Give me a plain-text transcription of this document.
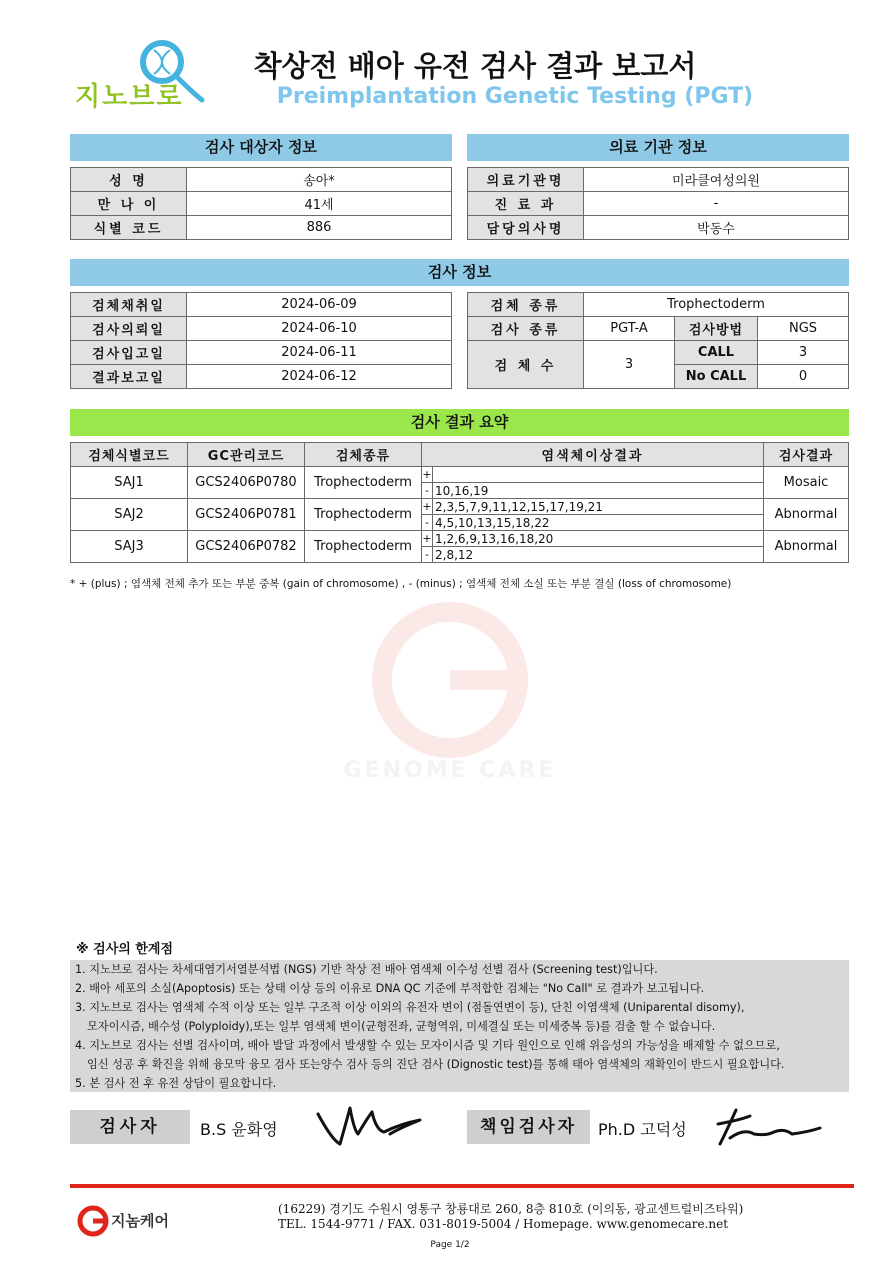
지노브로
착상전 배아 유전 검사 결과 보고서
Preimplantation Genetic Testing (PGT)
GENOME CARE
검사 대상자 정보	의료 기관 정보
성 명	송아*
만 나 이	41세
식별 코드	886
의료기관명	미라클여성의원
진 료 과	-
담당의사명	박동수
검사 정보
검체채취일	2024-06-09
검사의뢰일	2024-06-10
검사입고일	2024-06-11
결과보고일	2024-06-12
검체 종류	Trophectoderm		
검사 종류	PGT-A	검사방법	NGS
검 체 수	3	CALL	3
		No CALL	0
검사 결과 요약
검체식별코드	GC관리코드	검체종류	염색체이상결과		검사결과
SAJ1	GCS2406P0780	Trophectoderm	+		Mosaic
			-	10,16,19	
SAJ2	GCS2406P0781	Trophectoderm	+	2,3,5,7,9,11,12,15,17,19,21	Abnormal
			-	4,5,10,13,15,18,22	
SAJ3	GCS2406P0782	Trophectoderm	+	1,2,6,9,13,16,18,20	Abnormal
			-	2,8,12	
* + (plus) ; 염색체 전체 추가 또는 부분 중복 (gain of chromosome) , - (minus) ; 염색체 전체 소실 또는 부분 결실 (loss of chromosome)
※ 검사의 한계점
1. 지노브로 검사는 차세대염기서열분석법 (NGS) 기반 착상 전 배아 염색체 이수성 선별 검사 (Screening test)입니다.
2. 배아 세포의 소실(Apoptosis) 또는 상태 이상 등의 이유로 DNA QC 기준에 부적합한 검체는 "No Call" 로 결과가 보고됩니다.
3. 지노브로 검사는 염색체 수적 이상 또는 일부 구조적 이상 이외의 유전자 변이 (점돌연변이 등), 단친 이염색체 (Uniparental disomy),
모자이시즘, 배수성 (Polyploidy),또는 일부 염색체 변이(균형전좌, 균형역위, 미세결실 또는 미세중복 등)를 검출 할 수 없습니다.
4. 지노브로 검사는 선별 검사이며, 배아 발달 과정에서 발생할 수 있는 모자이시즘 및 기타 원인으로 인해 위음성의 가능성을 배제할 수 없으므로,
임신 성공 후 확진을 위해 융모막 융모 검사 또는양수 검사 등의 진단 검사 (Dignostic test)를 통해 태아 염색체의 재확인이 반드시 필요합니다.
5. 본 검사 전 후 유전 상담이 필요합니다.
검사자	B.S 윤화영	책임검사자	Ph.D 고덕성
지놈케어
(16229) 경기도 수원시 영통구 창룡대로 260, 8층 810호 (이의동, 광교센트럴비즈타워)
TEL. 1544-9771 / FAX. 031-8019-5004 / Homepage. www.genomecare.net
Page 1/2
